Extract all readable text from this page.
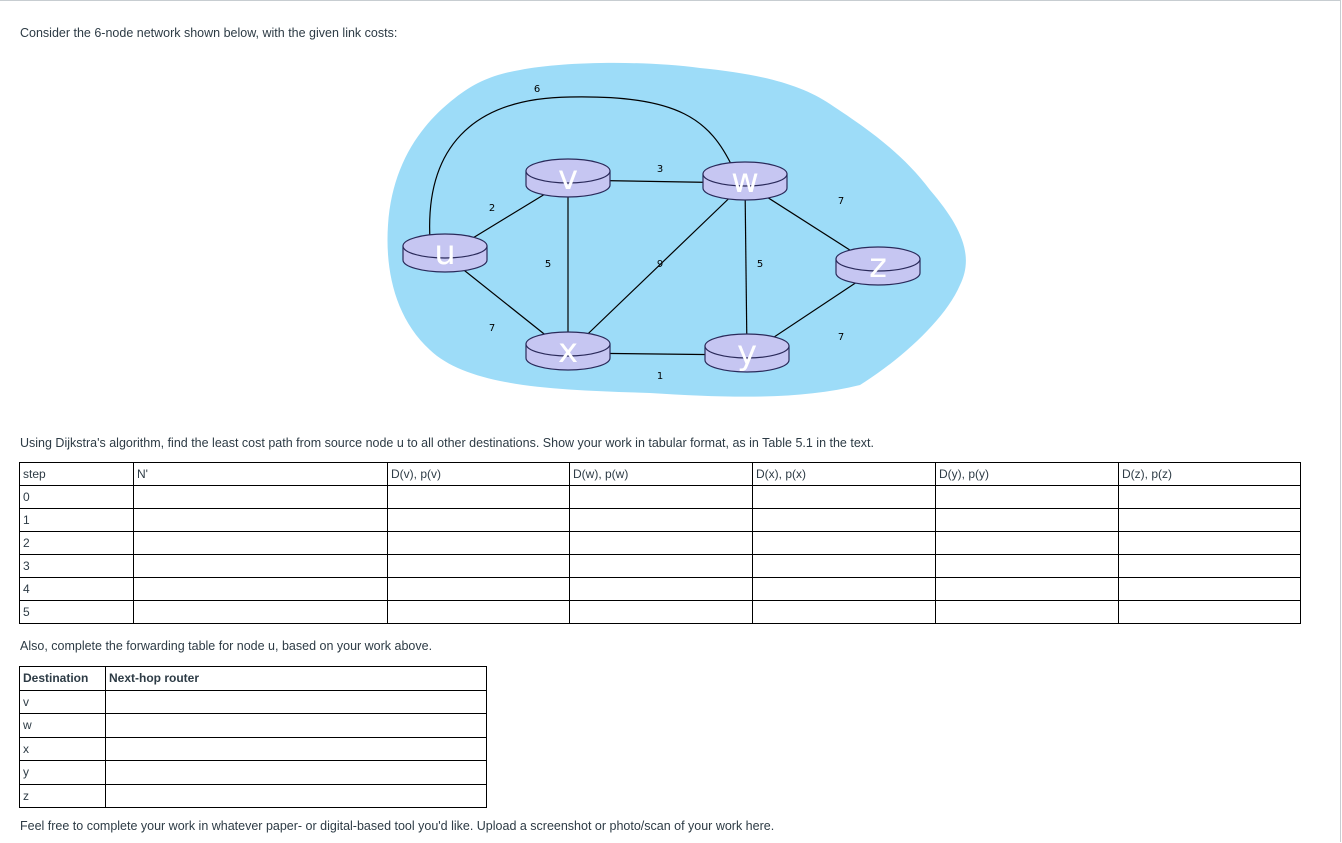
Consider the 6-node network shown below, with the given link costs:

u
v	w
x	y
z
2
7
6
3
5	9
1
5
7
7

Using Dijkstra's algorithm, find the least cost path from source node u to all other destinations. Show your work in tabular format, as in Table 5.1 in the text.

step	N'	D(v), p(v)	D(w), p(w)	D(x), p(x)	D(y), p(y)	D(z), p(z)
0						
1						
2						
3						
4						
5						

Also, complete the forwarding table for node u, based on your work above.

Destination	Next-hop router
v	
w	
x	
y	
z	

Feel free to complete your work in whatever paper- or digital-based tool you'd like. Upload a screenshot or photo/scan of your work here.
